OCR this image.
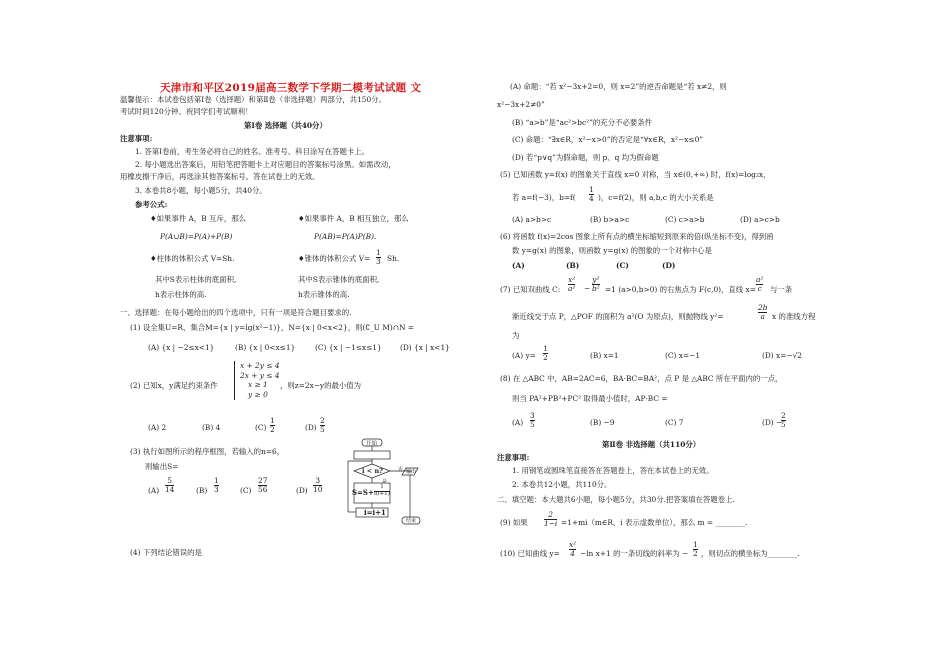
天津市和平区2019届高三数学下学期二模考试试题 文
温馨提示：本试卷包括第Ⅰ卷（选择题）和第Ⅱ卷（非选择题）两部分，共150分。
考试时间120分钟。祝同学们考试顺利！
第Ⅰ卷 选择题（共40分）
注意事项:
1. 答第Ⅰ卷前，考生务必将自己的姓名、准考号、科目涂写在答题卡上。
2. 每小题选出答案后，用铅笔把答题卡上对应题目的答案标号涂黑。如需改动，
用橡皮擦干净后，再选涂其他答案标号。答在试卷上的无效。
3. 本卷共8小题，每小题5分，共40分。
参考公式:
♦如果事件 A，B 互斥，那么
P(A∪B)=P(A)+P(B)
♦如果事件 A，B 相互独立，那么
P(AB)=P(A)P(B).
♦柱体的体积公式 V=Sh.	♦锥体的体积公式 V=
1
3 Sh.
其中S表示柱体的底面积,
h表示柱体的高.
其中S表示锥体的底面积,
h表示锥体的高.
一、选择题：在每小题给出的四个选项中，只有一项是符合题目要求的.
(1) 设全集U=R，集合M={x | y=lg(x²−1)}，N={x | 0<x<2}，则(∁_U M)∩N =
(A) {x | −2≤x<1}	(B) {x | 0<x≤1}	(C) {x | −1≤x≤1} (D) {x | x<1}
(2) 已知x，y满足约束条件
x + 2y ≤ 4
2x + y ≤ 4
x ≥ 1
y ≥ 0
，则z=2x−y的最小值为
(A) 2	(B) 4	(C)
1
2	(D)
2
5
(3) 执行如图所示的程序框图，若输入的n=6，
则输出S=
(A)
5
14	(B)
1
3	(C)
27
56	(D)
3
10
(4) 下列结论错误的是
开始
i < n?
是
否
S=S+
1
i(i+1)
i=i+1
输出
结束
(A) 命题：“若 x²−3x+2=0，则 x=2”的逆否命题是“若 x≠2，则
x²−3x+2≠0”
(B) “a>b”是“ac²>bc²”的充分不必要条件
(C) 命题：“∃x∈R，x²−x>0”的否定是“∀x∈R，x²−x≤0”
(D) 若“p∨q”为假命题，则 p、q 均为假命题
(5) 已知函数 y=f(x) 的图象关于直线 x=0 对称，当 x∈(0,+∞) 时，f(x)=log₂x，
若 a=f(−3)，b=f(
1
4 )，c=f(2)，则 a,b,c 的大小关系是
(A) a>b>c	(B) b>a>c	(C) c>a>b	(D) a>c>b
(6) 将函数 f(x)=2cos 图象上所有点的横坐标缩短到原来的倍(纵坐标不变)，得到函
数 y=g(x) 的图象，则函数 y=g(x) 的图象的一个对称中心是
(A)	(B)	(C)	(D)
(7) 已知双曲线 C:
x²
a² −
y²
b² =1 (a>0,b>0) 的右焦点为 F(c,0)，直线 x=
a²
c 与一条
渐近线交于点 P，△POF 的面积为 a²(O 为原点)，则抛物线 y²=
2b
a x 的准线方程
为
(A) y=
1
2	(B) x=1	(C) x=−1	(D) x=−√2
(8) 在 △ABC 中，AB=2AC=6，BA·BC=BA²，点 P 是 △ABC 所在平面内的一点，
则当 PA²+PB²+PC² 取得最小值时，AP·BC =
(A)
3
5	(B) −9	(C) 7	(D) −
2
5
第Ⅱ卷 非选择题（共110分）
注意事项:
1. 用钢笔或圆珠笔直接答在答题卷上，答在本试卷上的无效。
2. 本卷共12小题，共110分。
二、填空题：本大题共6小题，每小题5分，共30分.把答案填在答题卷上.
(9) 如果
2
1−i =1+mi（m∈R，i 表示虚数单位），那么 m = ________.
(10) 已知曲线 y=
x²
4 −ln x+1 的一条切线的斜率为 −
1
2 ，则切点的横坐标为________.
